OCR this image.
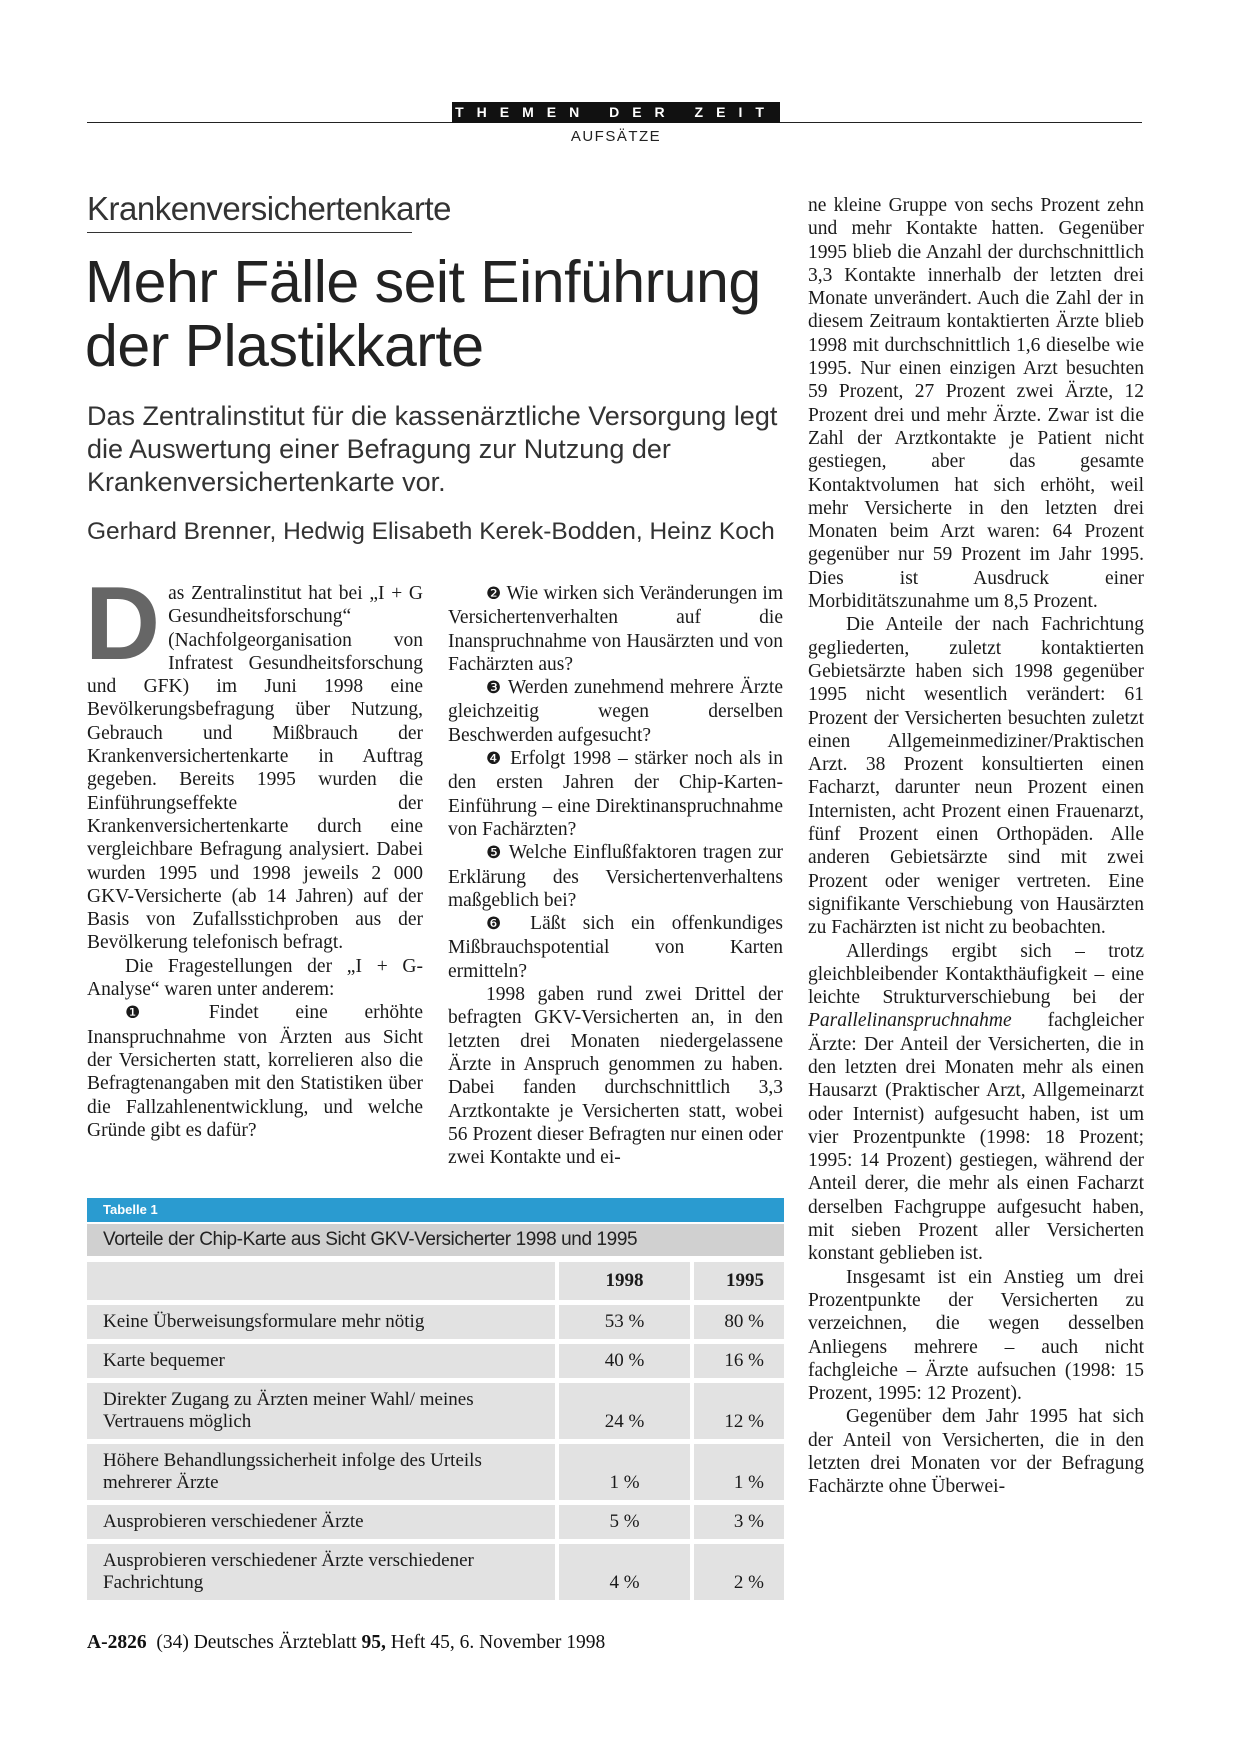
THEMEN DER ZEIT
AUFSÄTZE
Krankenversichertenkarte
Mehr Fälle seit Einführung der Plastikkarte

Das Zentralinstitut für die kassenärztliche Versorgung legt die Auswertung einer Befragung zur Nutzung der Krankenversichertenkarte vor.

Gerhard Brenner, Hedwig Elisabeth Kerek-Bodden, Heinz Koch

Das Zentralinstitut hat bei „I + G Gesundheitsforschung“ (Nachfolgeorganisation von Infratest Gesundheitsforschung und GFK) im Juni 1998 eine Bevölkerungsbefragung über Nutzung, Gebrauch und Mißbrauch der Krankenversichertenkarte in Auftrag gegeben. Bereits 1995 wurden die Einführungseffekte der Krankenversichertenkarte durch eine vergleichbare Befragung analysiert. Dabei wurden 1995 und 1998 jeweils 2 000 GKV-Versicherte (ab 14 Jahren) auf der Basis von Zufallsstichproben aus der Bevölkerung telefonisch befragt.

Die Fragestellungen der „I + G-Analyse“ waren unter anderem:

❶ Findet eine erhöhte Inanspruchnahme von Ärzten aus Sicht der Versicherten statt, korrelieren also die Befragtenangaben mit den Statistiken über die Fallzahlenentwicklung, und welche Gründe gibt es dafür?

❷ Wie wirken sich Veränderungen im Versichertenverhalten auf die Inanspruchnahme von Hausärzten und von Fachärzten aus?

❸ Werden zunehmend mehrere Ärzte gleichzeitig wegen derselben Beschwerden aufgesucht?

❹ Erfolgt 1998 – stärker noch als in den ersten Jahren der Chip-Karten-Einführung – eine Direktinanspruchnahme von Fachärzten?

❺ Welche Einflußfaktoren tragen zur Erklärung des Versichertenverhaltens maßgeblich bei?

❻ Läßt sich ein offenkundiges Mißbrauchspotential von Karten ermitteln?

1998 gaben rund zwei Drittel der befragten GKV-Versicherten an, in den letzten drei Monaten niedergelassene Ärzte in Anspruch genommen zu haben. Dabei fanden durchschnittlich 3,3 Arztkontakte je Versicherten statt, wobei 56 Prozent dieser Befragten nur einen oder zwei Kontakte und ei-

ne kleine Gruppe von sechs Prozent zehn und mehr Kontakte hatten. Gegenüber 1995 blieb die Anzahl der durchschnittlich 3,3 Kontakte innerhalb der letzten drei Monate unverändert. Auch die Zahl der in diesem Zeitraum kontaktierten Ärzte blieb 1998 mit durchschnittlich 1,6 dieselbe wie 1995. Nur einen einzigen Arzt besuchten 59 Prozent, 27 Prozent zwei Ärzte, 12 Prozent drei und mehr Ärzte. Zwar ist die Zahl der Arztkontakte je Patient nicht gestiegen, aber das gesamte Kontaktvolumen hat sich erhöht, weil mehr Versicherte in den letzten drei Monaten beim Arzt waren: 64 Prozent gegenüber nur 59 Prozent im Jahr 1995. Dies ist Ausdruck einer Morbiditätszunahme um 8,5 Prozent.

Die Anteile der nach Fachrichtung gegliederten, zuletzt kontaktierten Gebietsärzte haben sich 1998 gegenüber 1995 nicht wesentlich verändert: 61 Prozent der Versicherten besuchten zuletzt einen Allgemeinmediziner/Praktischen Arzt. 38 Prozent konsultierten einen Facharzt, darunter neun Prozent einen Internisten, acht Prozent einen Frauenarzt, fünf Prozent einen Orthopäden. Alle anderen Gebietsärzte sind mit zwei Prozent oder weniger vertreten. Eine signifikante Verschiebung von Hausärzten zu Fachärzten ist nicht zu beobachten.

Allerdings ergibt sich – trotz gleichbleibender Kontakthäufigkeit – eine leichte Strukturverschiebung bei der Parallelinanspruchnahme fachgleicher Ärzte: Der Anteil der Versicherten, die in den letzten drei Monaten mehr als einen Hausarzt (Praktischer Arzt, Allgemeinarzt oder Internist) aufgesucht haben, ist um vier Prozentpunkte (1998: 18 Prozent; 1995: 14 Prozent) gestiegen, während der Anteil derer, die mehr als einen Facharzt derselben Fachgruppe aufgesucht haben, mit sieben Prozent aller Versicherten konstant geblieben ist.

Insgesamt ist ein Anstieg um drei Prozentpunkte der Versicherten zu verzeichnen, die wegen desselben Anliegens mehrere – auch nicht fachgleiche – Ärzte aufsuchen (1998: 15 Prozent, 1995: 12 Prozent).

Gegenüber dem Jahr 1995 hat sich der Anteil von Versicherten, die in den letzten drei Monaten vor der Befragung Fachärzte ohne Überwei-

Tabelle 1
Vorteile der Chip-Karte aus Sicht GKV-Versicherter 1998 und 1995
1998	1995
Keine Überweisungsformulare mehr nötig	53 %	80 %
Karte bequemer	40 %	16 %
Direkter Zugang zu Ärzten meiner Wahl/ meines Vertrauens möglich	24 %	12 %
Höhere Behandlungssicherheit infolge des Urteils mehrerer Ärzte	1 %	1 %
Ausprobieren verschiedener Ärzte	5 %	3 %
Ausprobieren verschiedener Ärzte verschiedener Fachrichtung	4 %	2 %
A-2826  (34) Deutsches Ärzteblatt 95, Heft 45, 6. November 1998
